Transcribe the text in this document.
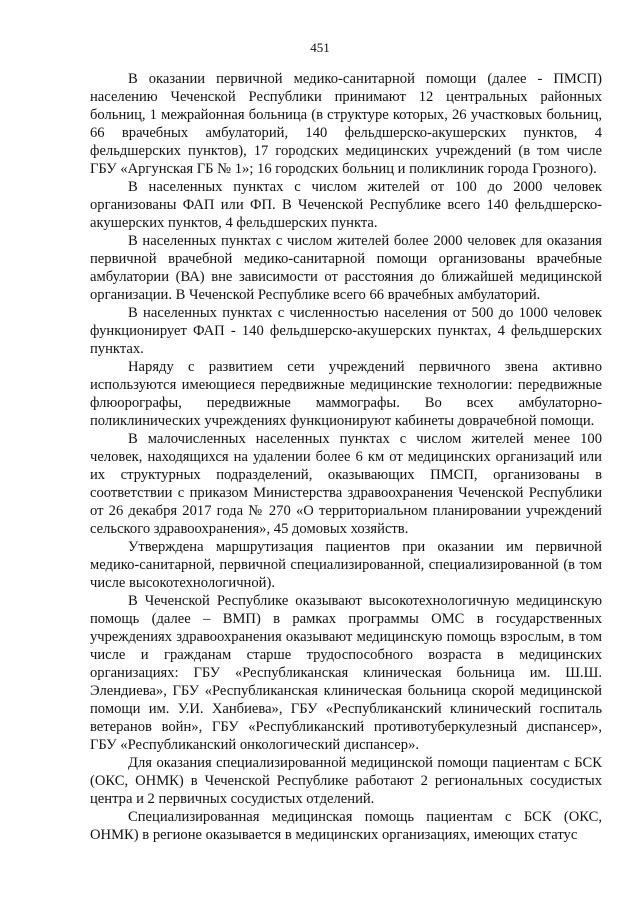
451

В оказании первичной медико-санитарной помощи (далее - ПМСП) населению Чеченской Республики принимают 12 центральных районных больниц, 1 межрайонная больница (в структуре которых, 26 участковых больниц, 66 врачебных амбулаторий, 140 фельдшерско-акушерских пунктов, 4 фельдшерских пунктов), 17 городских медицинских учреждений (в том числе ГБУ «Аргунская ГБ № 1»; 16 городских больниц и поликлиник города Грозного).

В населенных пунктах с числом жителей от 100 до 2000 человек организованы ФАП или ФП. В Чеченской Республике всего 140 фельдшерско-акушерских пунктов, 4 фельдшерских пункта.

В населенных пунктах с числом жителей более 2000 человек для оказания первичной врачебной медико-санитарной помощи организованы врачебные амбулатории (ВА) вне зависимости от расстояния до ближайшей медицинской организации. В Чеченской Республике всего 66 врачебных амбулаторий.

В населенных пунктах с численностью населения от 500 до 1000 человек функционирует ФАП - 140 фельдшерско-акушерских пунктах, 4 фельдшерских пунктах.

Наряду с развитием сети учреждений первичного звена активно используются имеющиеся передвижные медицинские технологии: передвижные флюорографы, передвижные маммографы. Во всех амбулаторно-поликлинических учреждениях функционируют кабинеты доврачебной помощи.

В малочисленных населенных пунктах с числом жителей менее 100 человек, находящихся на удалении более 6 км от медицинских организаций или их структурных подразделений, оказывающих ПМСП, организованы в соответствии с приказом Министерства здравоохранения Чеченской Республики от 26 декабря 2017 года № 270 «О территориальном планировании учреждений сельского здравоохранения», 45 домовых хозяйств.

Утверждена маршрутизация пациентов при оказании им первичной медико-санитарной, первичной специализированной, специализированной (в том числе высокотехнологичной).

В Чеченской Республике оказывают высокотехнологичную медицинскую помощь (далее – ВМП) в рамках программы ОМС в государственных учреждениях здравоохранения оказывают медицинскую помощь взрослым, в том числе и гражданам старше трудоспособного возраста в медицинских организациях: ГБУ «Республиканская клиническая больница им. Ш.Ш. Элендиева», ГБУ «Республиканская клиническая больница скорой медицинской помощи им. У.И. Ханбиева», ГБУ «Республиканский клинический госпиталь ветеранов войн», ГБУ «Республиканский противотуберкулезный диспансер», ГБУ «Республиканский онкологический диспансер».

Для оказания специализированной медицинской помощи пациентам с БСК (ОКС, ОНМК) в Чеченской Республике работают 2 региональных сосудистых центра и 2 первичных сосудистых отделений.

Специализированная медицинская помощь пациентам с БСК (ОКС, ОНМК) в регионе оказывается в медицинских организациях, имеющих статус
